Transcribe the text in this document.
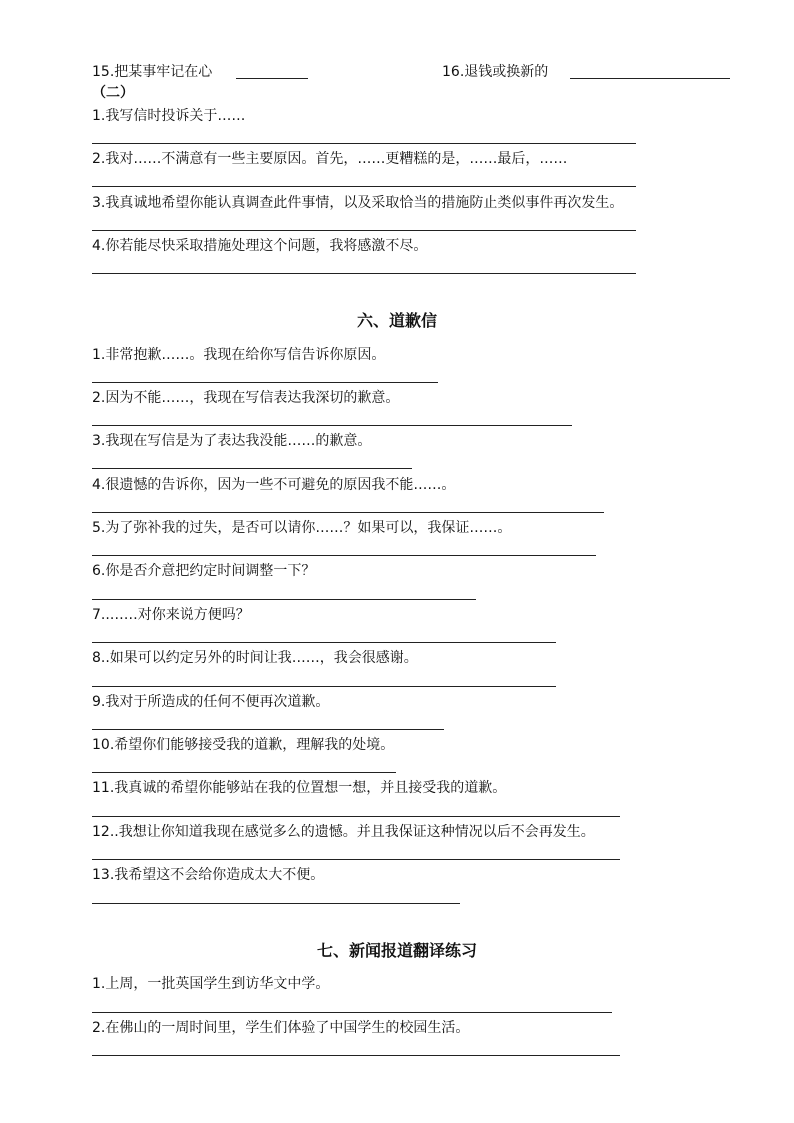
15.把某事牢记在心	16.退钱或换新的
（二）
1.我写信时投诉关于……
2.我对……不满意有一些主要原因。首先，……更糟糕的是，……最后，……
3.我真诚地希望你能认真调查此件事情，以及采取恰当的措施防止类似事件再次发生。
4.你若能尽快采取措施处理这个问题，我将感激不尽。
六、道歉信
1.非常抱歉……。我现在给你写信告诉你原因。
2.因为不能……，我现在写信表达我深切的歉意。
3.我现在写信是为了表达我没能……的歉意。
4.很遗憾的告诉你，因为一些不可避免的原因我不能……。
5.为了弥补我的过失，是否可以请你……？如果可以，我保证……。
6.你是否介意把约定时间调整一下？
7..……对你来说方便吗？
8..如果可以约定另外的时间让我……，我会很感谢。
9.我对于所造成的任何不便再次道歉。
10.希望你们能够接受我的道歉，理解我的处境。
11.我真诚的希望你能够站在我的位置想一想，并且接受我的道歉。
12..我想让你知道我现在感觉多么的遗憾。并且我保证这种情况以后不会再发生。
13.我希望这不会给你造成太大不便。
七、新闻报道翻译练习
1.上周，一批英国学生到访华文中学。
2.在佛山的一周时间里，学生们体验了中国学生的校园生活。
